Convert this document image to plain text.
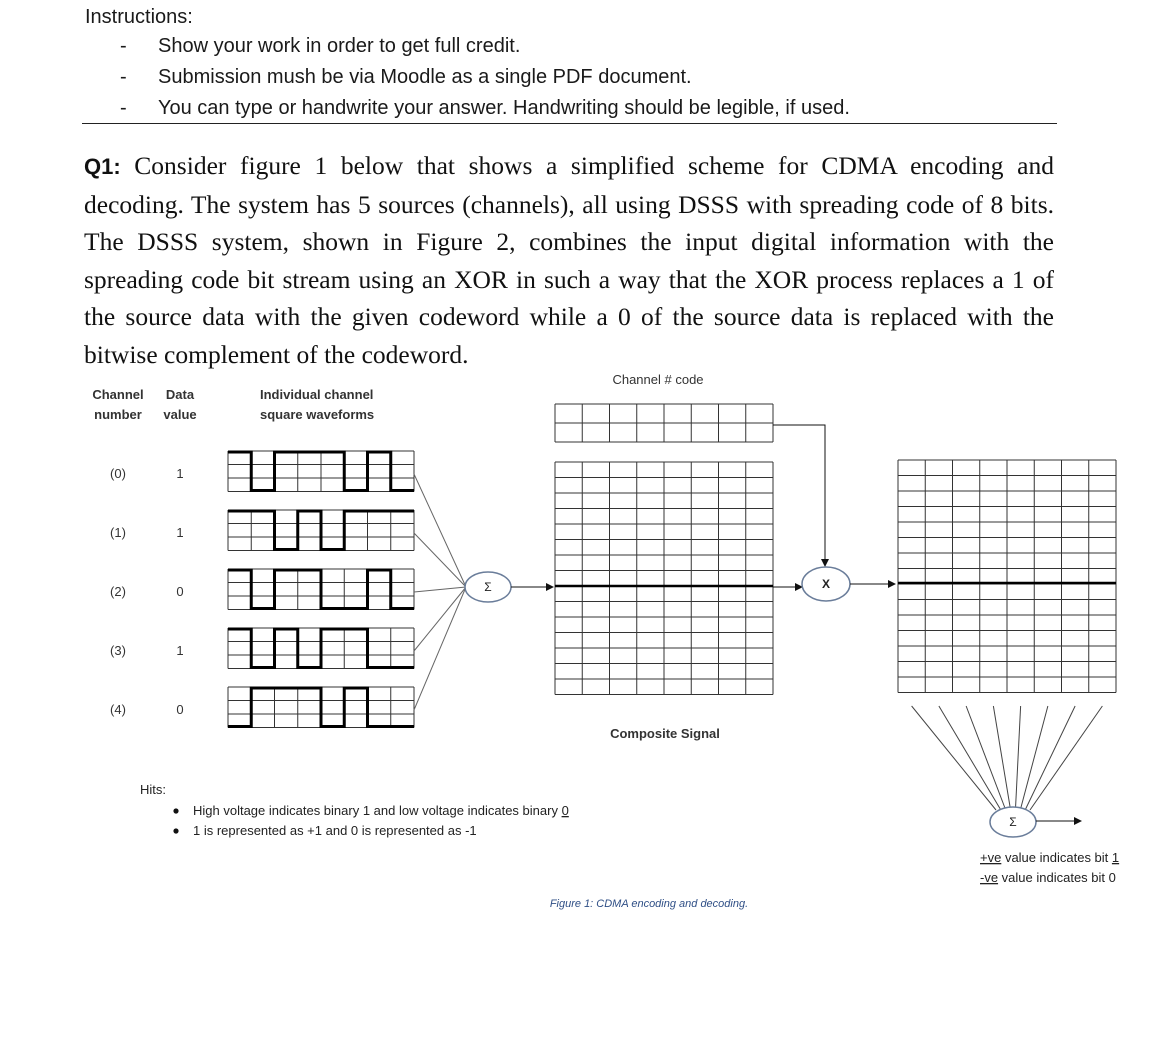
Instructions:
- Show your work in order to get full credit.
- Submission mush be via Moodle as a single PDF document.
- You can type or handwrite your answer. Handwriting should be legible, if used.
Q1: Consider figure 1 below that shows a simplified scheme for CDMA encoding and decoding. The system has 5 sources (channels), all using DSSS with spreading code of 8 bits. The DSSS system, shown in Figure 2, combines the input digital information with the spreading code bit stream using an XOR in such a way that the XOR process replaces a 1 of the source data with the given codeword while a 0 of the source data is replaced with the bitwise complement of the codeword.
Channel
number
Data
value
Individual channel
square waveforms
(0)	1
(1)	1
(2)	0
(3)	1
(4)	0
Σ
Channel # code
Composite Signal
X
Σ
+ve value indicates bit 1
-ve value indicates bit 0
Hits:
High voltage indicates binary 1 and low voltage indicates binary 0
1 is represented as +1 and 0 is represented as -1
Figure 1: CDMA encoding and decoding.
